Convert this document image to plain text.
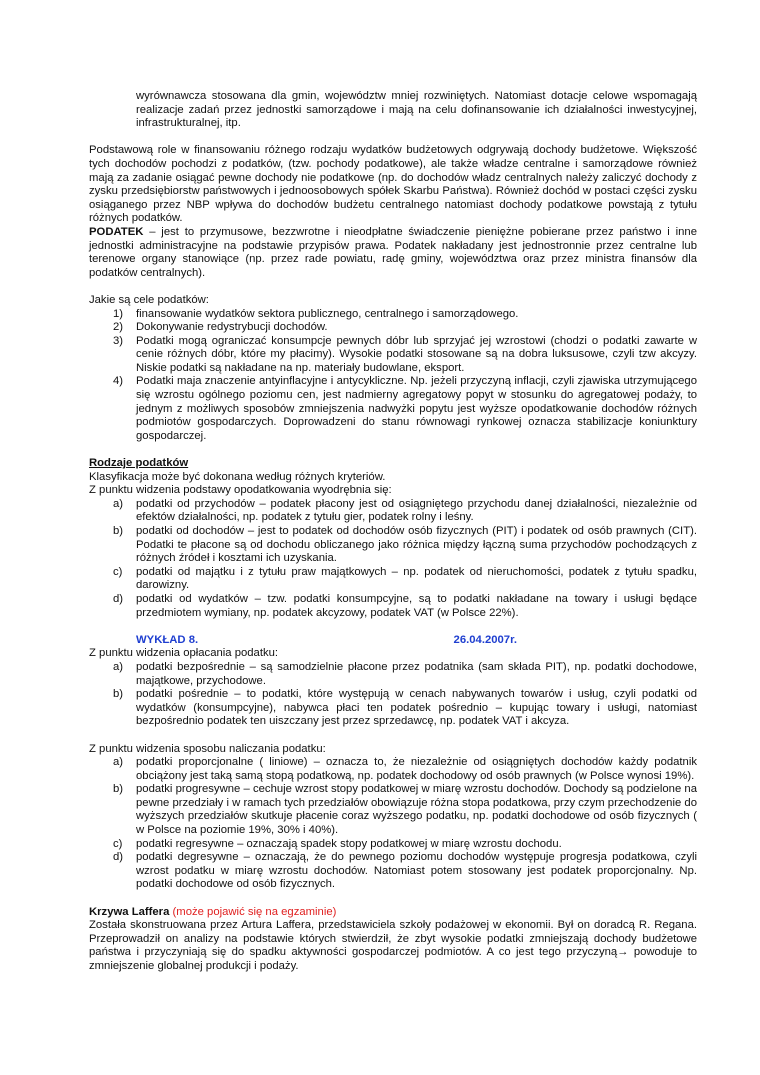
wyrównawcza stosowana dla gmin, województw mniej rozwiniętych. Natomiast dotacje celowe wspomagają realizacje zadań przez jednostki samorządowe i mają na celu dofinansowanie ich działalności inwestycyjnej, infrastrukturalnej, itp.

Podstawową role w finansowaniu różnego rodzaju wydatków budżetowych odgrywają dochody budżetowe. Większość tych dochodów pochodzi z podatków, (tzw. pochody podatkowe), ale także władze centralne i samorządowe również mają za zadanie osiągać pewne dochody nie podatkowe (np. do dochodów władz centralnych należy zaliczyć dochody z zysku przedsiębiorstw państwowych i jednoosobowych spółek Skarbu Państwa). Również dochód w postaci części zysku osiąganego przez NBP wpływa do dochodów budżetu centralnego natomiast dochody podatkowe powstają z tytułu różnych podatków.

PODATEK – jest to przymusowe, bezzwrotne i nieodpłatne świadczenie pieniężne pobierane przez państwo i inne jednostki administracyjne na podstawie przypisów prawa. Podatek nakładany jest jednostronnie przez centralne lub terenowe organy stanowiące (np. przez rade powiatu, radę gminy, województwa oraz przez ministra finansów dla podatków centralnych).

Jakie są cele podatków:

1) finansowanie wydatków sektora publicznego, centralnego i samorządowego.
2) Dokonywanie redystrybucji dochodów.
3) Podatki mogą ograniczać konsumpcje pewnych dóbr lub sprzyjać jej wzrostowi (chodzi o podatki zawarte w cenie różnych dóbr, które my płacimy). Wysokie podatki stosowane są na dobra luksusowe, czyli tzw akcyzy. Niskie podatki są nakładane na np. materiały budowlane, eksport.
4) Podatki maja znaczenie antyinflacyjne i antycykliczne. Np. jeżeli przyczyną inflacji, czyli zjawiska utrzymującego się wzrostu ogólnego poziomu cen, jest nadmierny agregatowy popyt w stosunku do agregatowej podaży, to jednym z możliwych sposobów zmniejszenia nadwyżki popytu jest wyższe opodatkowanie dochodów różnych podmiotów gospodarczych. Doprowadzeni do stanu równowagi rynkowej oznacza stabilizacje koniunktury gospodarczej.

Rodzaje podatków

Klasyfikacja może być dokonana według różnych kryteriów.

Z punktu widzenia podstawy opodatkowania wyodrębnia się:

a) podatki od przychodów – podatek płacony jest od osiągniętego przychodu danej działalności, niezależnie od efektów działalności, np. podatek z tytułu gier, podatek rolny i leśny.
b) podatki od dochodów – jest to podatek od dochodów osób fizycznych (PIT) i podatek od osób prawnych (CIT). Podatki te płacone są od dochodu obliczanego jako różnica między łączną suma przychodów pochodzących z różnych źródeł i kosztami ich uzyskania.
c) podatki od majątku i z tytułu praw majątkowych – np. podatek od nieruchomości, podatek z tytułu spadku, darowizny.
d) podatki od wydatków – tzw. podatki konsumpcyjne, są to podatki nakładane na towary i usługi będące przedmiotem wymiany, np. podatek akcyzowy, podatek VAT (w Polsce 22%).
WYKŁAD 8.	26.04.2007r.

Z punktu widzenia opłacania podatku:

a) podatki bezpośrednie – są samodzielnie płacone przez podatnika (sam składa PIT), np. podatki dochodowe, majątkowe, przychodowe.
b) podatki pośrednie – to podatki, które występują w cenach nabywanych towarów i usług, czyli podatki od wydatków (konsumpcyjne), nabywca płaci ten podatek pośrednio – kupując towary i usługi, natomiast bezpośrednio podatek ten uiszczany jest przez sprzedawcę, np. podatek VAT i akcyza.

Z punktu widzenia sposobu naliczania podatku:

a) podatki proporcjonalne ( liniowe) – oznacza to, że niezależnie od osiągniętych dochodów każdy podatnik obciążony jest taką samą stopą podatkową, np. podatek dochodowy od osób prawnych (w Polsce wynosi 19%).
b) podatki progresywne – cechuje wzrost stopy podatkowej w miarę wzrostu dochodów. Dochody są podzielone na pewne przedziały i w ramach tych przedziałów obowiązuje różna stopa podatkowa, przy czym przechodzenie do wyższych przedziałów skutkuje płacenie coraz wyższego podatku, np. podatki dochodowe od osób fizycznych ( w Polsce na poziomie 19%, 30% i 40%).
c) podatki regresywne – oznaczają spadek stopy podatkowej w miarę wzrostu dochodu.
d) podatki degresywne – oznaczają, że do pewnego poziomu dochodów występuje progresja podatkowa, czyli wzrost podatku w miarę wzrostu dochodów. Natomiast potem stosowany jest podatek proporcjonalny. Np. podatki dochodowe od osób fizycznych.

Krzywa Laffera (może pojawić się na egzaminie)

Została skonstruowana przez Artura Laffera, przedstawiciela szkoły podażowej w ekonomii. Był on doradcą R. Regana. Przeprowadził on analizy na podstawie których stwierdził, że zbyt wysokie podatki zmniejszają dochody budżetowe państwa i przyczyniają się do spadku aktywności gospodarczej podmiotów. A co jest tego przyczyną→ powoduje to zmniejszenie globalnej produkcji i podaży.
